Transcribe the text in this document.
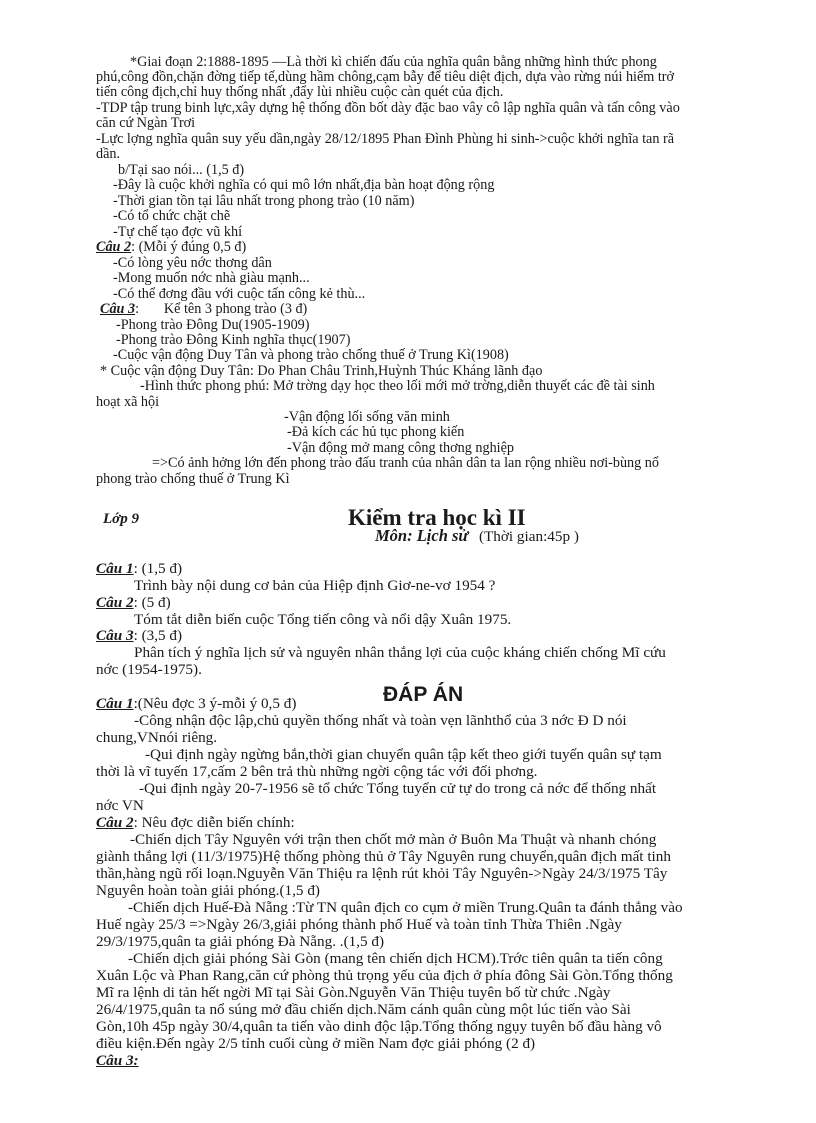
*Giai đoạn 2:1888-1895 —Là thời kì chiến đấu của nghĩa quân bằng những hình thức phong
phú,công đồn,chặn đờng tiếp tế,dùng hầm chông,cạm bẫy để tiêu diệt địch, dựa vào rừng núi hiểm trở
tiến công địch,chỉ huy thống nhất ,đẩy lùi nhiều cuộc càn quét của địch.
-TDP tập trung binh lực,xây dựng hệ thống đồn bốt dày đặc bao vây cô lập nghĩa quân và tấn công vào
căn cứ Ngàn Trơi
-Lực lợng nghĩa quân suy yếu dần,ngày 28/12/1895 Phan Đình Phùng hi sinh->cuộc khởi nghĩa tan rã
dần.
b/Tại sao nói... (1,5 đ)
-Đây là cuộc khởi nghĩa có qui mô lớn nhất,địa bàn hoạt động rộng
-Thời gian tồn tại lâu nhất trong phong trào (10 năm)
-Có tổ chức chặt chẽ
-Tự chế tạo đợc vũ khí
Câu 2: (Mỗi ý đúng 0,5 đ)
-Có lòng yêu nớc thơng dân
-Mong muốn nớc nhà giàu mạnh...
-Có thể đơng đầu với cuộc tấn công kẻ thù...
Câu 3:       Kể tên 3 phong trào (3 đ)
-Phong trào Đông Du(1905-1909)
-Phong trào Đông Kinh nghĩa thục(1907)
-Cuộc vận động Duy Tân và phong trào chống thuế ở Trung Kì(1908)
* Cuộc vận động Duy Tân: Do Phan Châu Trinh,Huỳnh Thúc Kháng lãnh đạo
-Hình thức phong phú: Mở trờng dạy học theo lối mới mở trờng,diễn thuyết các đề tài sinh
hoạt xã hội
-Vận động lối sống văn minh
-Đả kích các hủ tục phong kiến
-Vận động mở mang công thơng nghiệp
=>Có ảnh hởng lớn đến phong trào đấu tranh của nhân dân ta lan rộng nhiều nơi-bùng nổ
phong trào chống thuế ở Trung Kì
Lớp 9	Kiểm tra học kì II
Môn: Lịch sử (Thời gian:45p )
Câu 1: (1,5 đ)
Trình bày nội dung cơ bản của Hiệp định Giơ-ne-vơ 1954 ?
Câu 2: (5 đ)
Tóm tắt diễn biến cuộc Tổng tiến công và nổi dậy Xuân 1975.
Câu 3: (3,5 đ)
Phân tích ý nghĩa lịch sử và nguyên nhân thắng lợi của cuộc kháng chiến chống Mĩ cứu
nớc (1954-1975).
ĐÁP ÁN
Câu 1:(Nêu đợc 3 ý-mỗi ý 0,5 đ)
-Công nhận độc lập,chủ quyền thống nhất và toàn vẹn lãnhthổ của 3 nớc Đ D nói
chung,VNnói riêng.
-Qui định ngày ngừng bắn,thời gian chuyển quân tập kết theo giới tuyến quân sự tạm
thời là vĩ tuyến 17,cấm 2 bên trả thù những ngời cộng tác với đối phơng.
-Qui định ngày 20-7-1956 sẽ tổ chức Tổng tuyển cử tự do trong cả nớc để thống nhất
nớc VN
Câu 2: Nêu đợc diễn biến chính:
-Chiến dịch Tây Nguyên với trận then chốt mở màn ở Buôn Ma Thuật và nhanh chóng
giành thắng lợi (11/3/1975)Hệ thống phòng thủ ở Tây Nguyên rung chuyển,quân địch mất tinh
thần,hàng ngũ rối loạn.Nguyễn Văn Thiệu ra lệnh rút khỏi Tây Nguyên->Ngày 24/3/1975 Tây
Nguyên hoàn toàn giải phóng.(1,5 đ)
-Chiến dịch Huế-Đà Nẵng :Từ TN quân địch co cụm ở miền Trung.Quân ta đánh thẳng vào
Huế ngày 25/3 =>Ngày 26/3,giải phóng thành phố Huế và toàn tỉnh Thừa Thiên .Ngày
29/3/1975,quân ta giải phóng Đà Nẵng. .(1,5 đ)
-Chiến dịch giải phóng Sài Gòn (mang tên chiến dịch HCM).Trớc tiên quân ta tiến công
Xuân Lộc và Phan Rang,căn cứ phòng thủ trọng yếu của địch ở phía đông Sài Gòn.Tổng thống
Mĩ ra lệnh di tản hết ngời Mĩ tại Sài Gòn.Nguyễn Văn Thiệu tuyên bố từ chức .Ngày
26/4/1975,quân ta nổ súng mở đầu chiến dịch.Năm cánh quân cùng một lúc tiến vào Sài
Gòn,10h 45p ngày 30/4,quân ta tiến vào dinh độc lập.Tổng thống ngụy tuyên bố đầu hàng vô
điều kiện.Đến ngày 2/5 tỉnh cuối cùng ở miền Nam đợc giải phóng (2 đ)
Câu 3:
